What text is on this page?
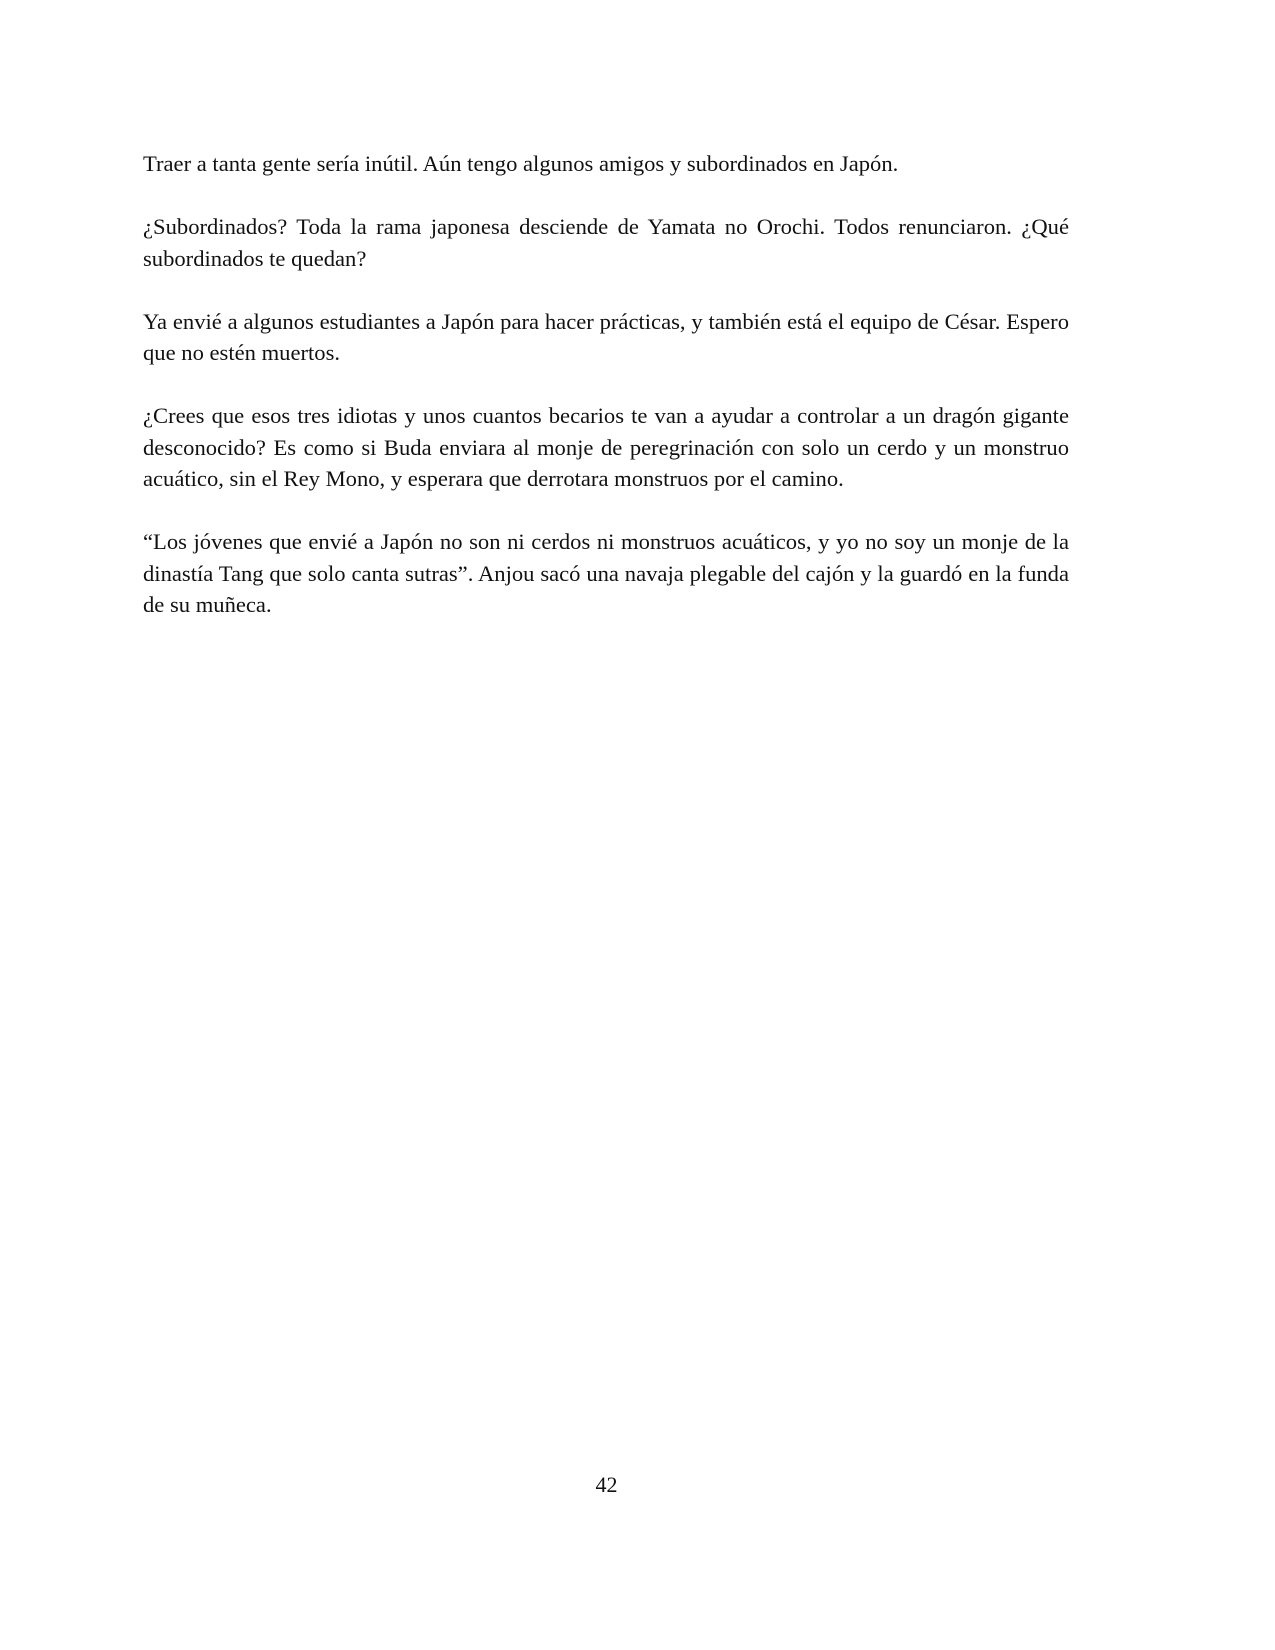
Traer a tanta gente sería inútil. Aún tengo algunos amigos y subordinados en Japón.

¿Subordinados? Toda la rama japonesa desciende de Yamata no Orochi. Todos renunciaron. ¿Qué subordinados te quedan?

Ya envié a algunos estudiantes a Japón para hacer prácticas, y también está el equipo de César. Espero que no estén muertos.

¿Crees que esos tres idiotas y unos cuantos becarios te van a ayudar a controlar a un dragón gigante desconocido? Es como si Buda enviara al monje de peregrinación con solo un cerdo y un monstruo acuático, sin el Rey Mono, y esperara que derrotara monstruos por el camino.

“Los jóvenes que envié a Japón no son ni cerdos ni monstruos acuáticos, y yo no soy un monje de la dinastía Tang que solo canta sutras”. Anjou sacó una navaja plegable del cajón y la guardó en la funda de su muñeca.

42
